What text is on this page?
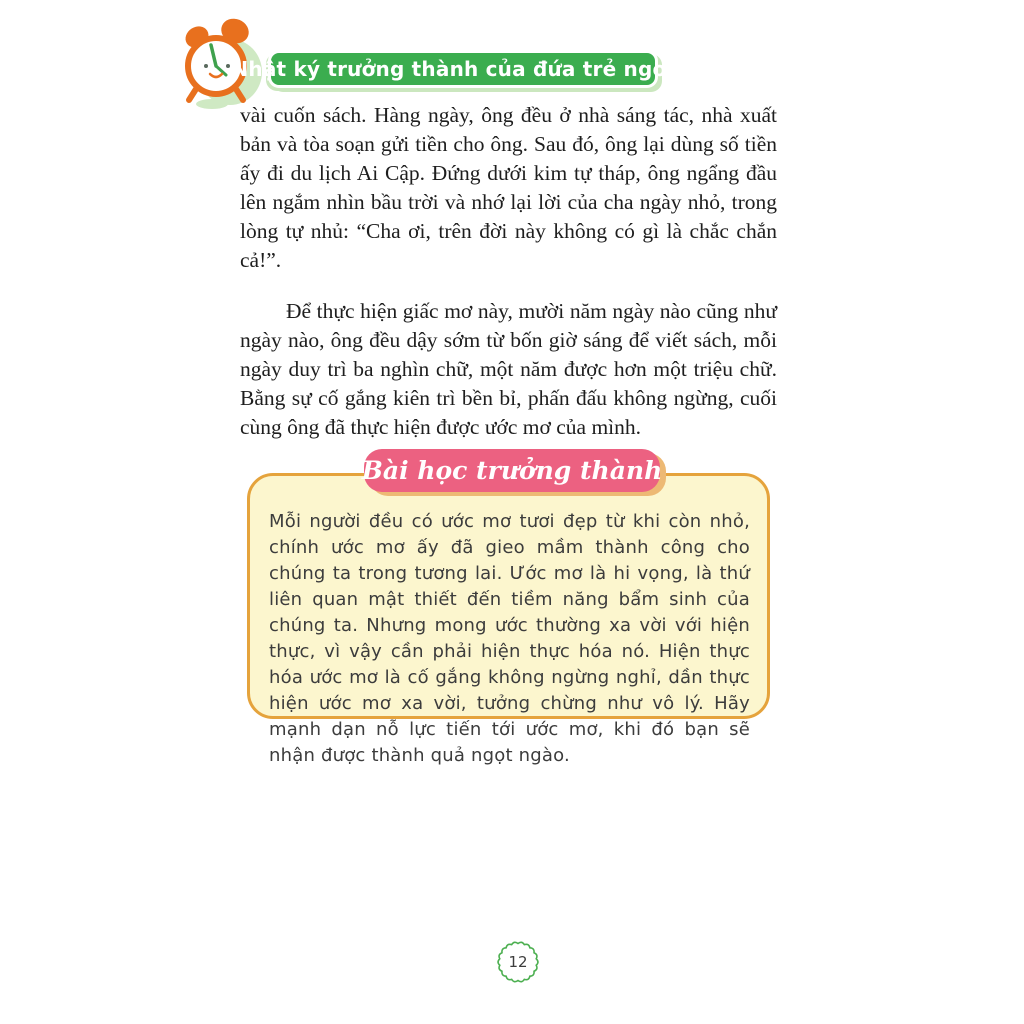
Nhật ký trưởng thành của đứa trẻ ngoan

vài cuốn sách. Hàng ngày, ông đều ở nhà sáng tác, nhà xuất bản và tòa soạn gửi tiền cho ông. Sau đó, ông lại dùng số tiền ấy đi du lịch Ai Cập. Đứng dưới kim tự tháp, ông ngẩng đầu lên ngắm nhìn bầu trời và nhớ lại lời của cha ngày nhỏ, trong lòng tự nhủ: “Cha ơi, trên đời này không có gì là chắc chắn cả!”.

Để thực hiện giấc mơ này, mười năm ngày nào cũng như ngày nào, ông đều dậy sớm từ bốn giờ sáng để viết sách, mỗi ngày duy trì ba nghìn chữ, một năm được hơn một triệu chữ. Bằng sự cố gắng kiên trì bền bỉ, phấn đấu không ngừng, cuối cùng ông đã thực hiện được ước mơ của mình.

Bài học trưởng thành

Mỗi người đều có ước mơ tươi đẹp từ khi còn nhỏ, chính ước mơ ấy đã gieo mầm thành công cho chúng ta trong tương lai. Ước mơ là hi vọng, là thứ liên quan mật thiết đến tiềm năng bẩm sinh của chúng ta. Nhưng mong ước thường xa vời với hiện thực, vì vậy cần phải hiện thực hóa nó. Hiện thực hóa ước mơ là cố gắng không ngừng nghỉ, dần thực hiện ước mơ xa vời, tưởng chừng như vô lý. Hãy mạnh dạn nỗ lực tiến tới ước mơ, khi đó bạn sẽ nhận được thành quả ngọt ngào.

12
